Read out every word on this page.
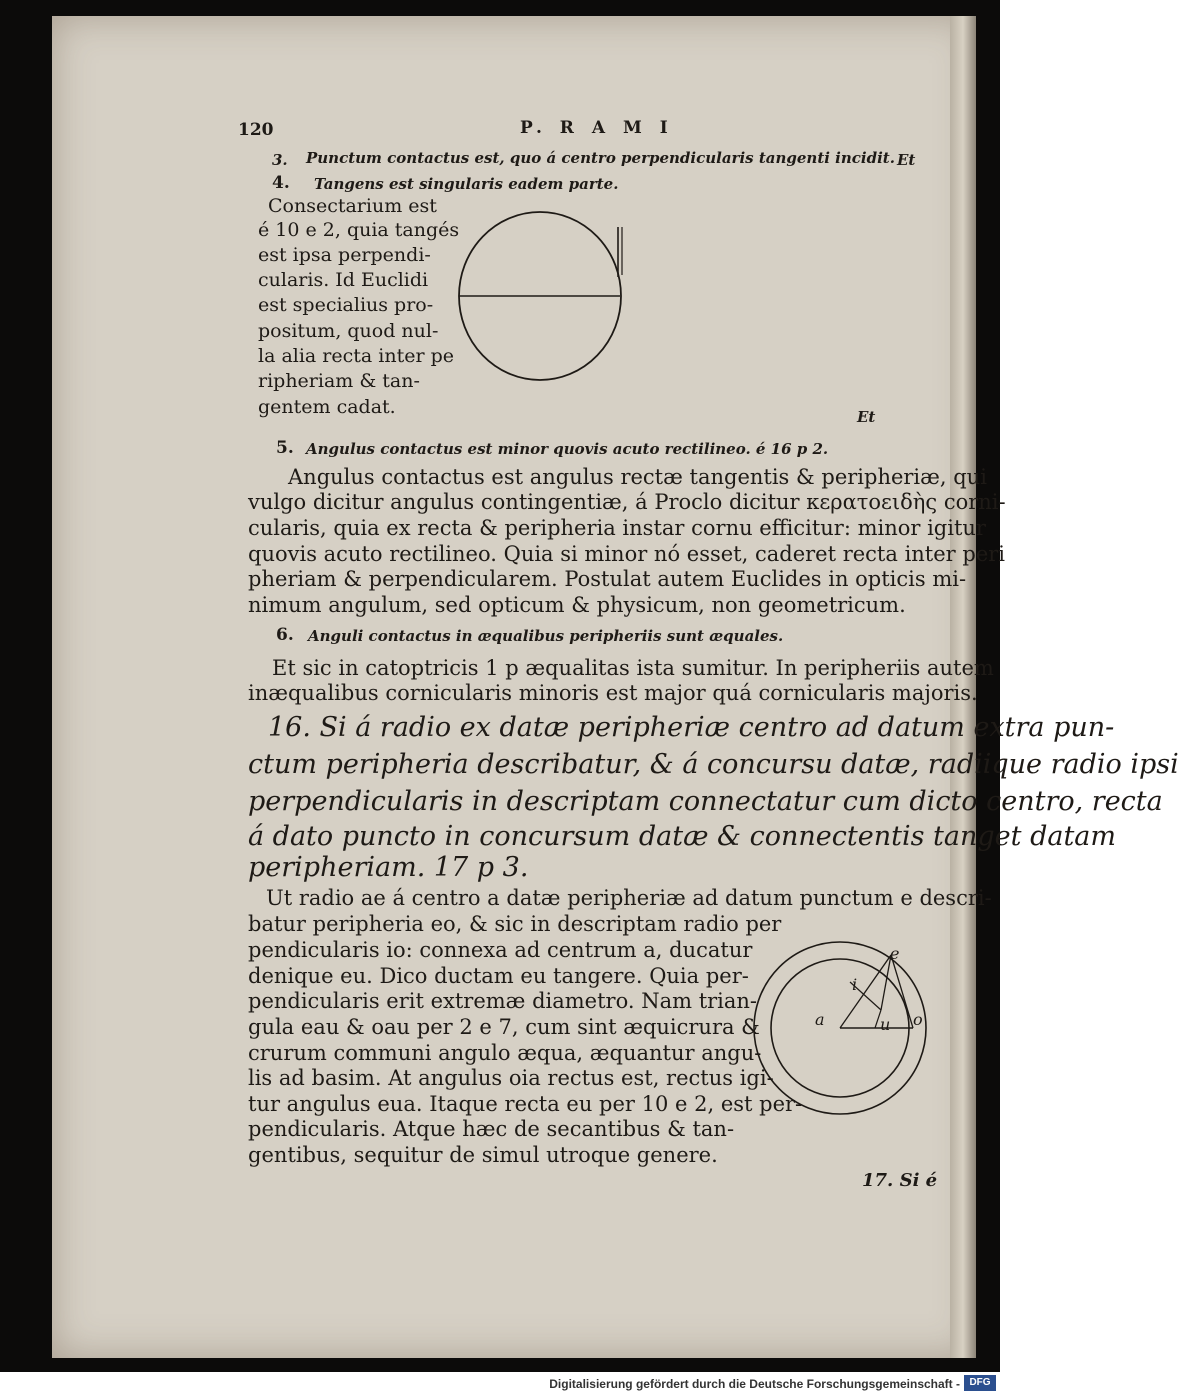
120	P. R A M I
3. Punctum contactus est, quo á centro perpendicularis tangenti incidit. Et
4. Tangens est singularis eadem parte.
Consectarium est
é 10 e 2, quia tangés
est ipsa perpendi-
cularis. Id Euclidi
est specialius pro-
positum, quod nul-
la alia recta inter pe
ripheriam & tan-
gentem cadat.	Et
5. Angulus contactus est minor quovis acuto rectilineo. é 16 p 2.
Angulus contactus est angulus rectæ tangentis & peripheriæ, qui
vulgo dicitur angulus contingentiæ, á Proclo dicitur κερατοειδὴς corni-
cularis, quia ex recta & peripheria instar cornu efficitur: minor igitur
quovis acuto rectilineo. Quia si minor nó esset, caderet recta inter peri
pheriam & perpendicularem. Postulat autem Euclides in opticis mi-
nimum angulum, sed opticum & physicum, non geometricum.
6. Anguli contactus in æqualibus peripheriis sunt æquales.
Et sic in catoptricis 1 p æqualitas ista sumitur. In peripheriis autem
inæqualibus cornicularis minoris est major quá cornicularis majoris.
16. Si á radio ex datæ peripheriæ centro ad datum extra pun-
ctum peripheria describatur, & á concursu datæ, radiique radio ipsi
perpendicularis in descriptam connectatur cum dicto centro, recta
á dato puncto in concursum datæ & connectentis tanget datam
peripheriam. 17 p 3.
Ut radio ae á centro a datæ peripheriæ ad datum punctum e descri-
batur peripheria eo, & sic in descriptam radio per
pendicularis io: connexa ad centrum a, ducatur
denique eu. Dico ductam eu tangere. Quia per-
pendicularis erit extremæ diametro. Nam trian-
gula eau & oau per 2 e 7, cum sint æquicrura &
crurum communi angulo æqua, æquantur angu-
lis ad basim. At angulus oia rectus est, rectus igi-
tur angulus eua. Itaque recta eu per 10 e 2, est per-
pendicularis. Atque hæc de secantibus & tan-
gentibus, sequitur de simul utroque genere.
e
i
a	u o
17. Si é
Digitalisierung gefördert durch die Deutsche Forschungsgemeinschaft - DFG
